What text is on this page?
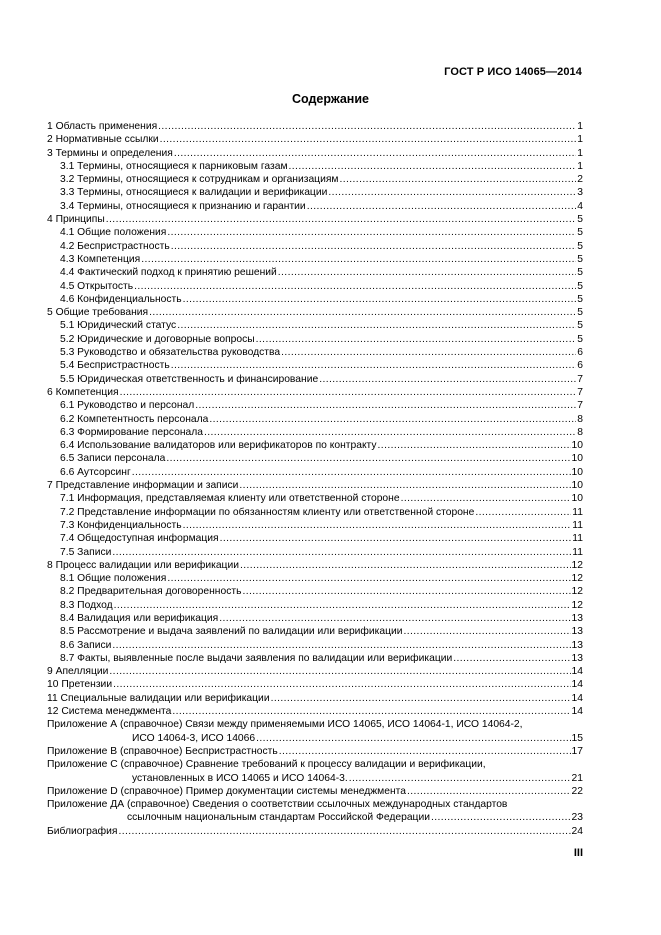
ГОСТ Р ИСО 14065—2014
Содержание
1 Область применения .....	1
2 Нормативные ссылки .....	1
3 Термины и определения .....	1
3.1 Термины, относящиеся к парниковым газам .....	1
3.2 Термины, относящиеся к сотрудникам и организациям .....	2
3.3 Термины, относящиеся к валидации и верификации .....	3
3.4 Термины, относящиеся к признанию и гарантии .....	4
4 Принципы .....	5
4.1 Общие положения .....	5
4.2 Беспристрастность .....	5
4.3 Компетенция .....	5
4.4 Фактический подход к принятию решений .....	5
4.5 Открытость .....	5
4.6 Конфиденциальность .....	5
5 Общие требования .....	5
5.1 Юридический статус .....	5
5.2 Юридические и договорные вопросы .....	5
5.3 Руководство и обязательства руководства .....	6
5.4 Беспристрастность .....	6
5.5 Юридическая ответственность и финансирование .....	7
6 Компетенция .....	7
6.1 Руководство и персонал .....	7
6.2 Компетентность персонала .....	8
6.3 Формирование персонала .....	8
6.4 Использование валидаторов или верификаторов по контракту .....	10
6.5 Записи персонала .....	10
6.6 Аутсорсинг .....	10
7 Представление информации и записи .....	10
7.1 Информация, представляемая клиенту или ответственной стороне .....	10
7.2 Представление информации по обязанностям клиенту или ответственной стороне .....	11
7.3 Конфиденциальность .....	11
7.4 Общедоступная информация .....	11
7.5 Записи .....	11
8 Процесс валидации или верификации .....	12
8.1 Общие положения .....	12
8.2 Предварительная договоренность .....	12
8.3 Подход .....	12
8.4 Валидация или верификация .....	13
8.5 Рассмотрение и выдача заявлений по валидации или верификации .....	13
8.6 Записи .....	13
8.7 Факты, выявленные после выдачи заявления по валидации или верификации .....	13
9 Апелляции .....	14
10 Претензии .....	14
11 Специальные валидации или верификации .....	14
12 Система менеджмента .....	14
Приложение А (справочное) Связи между применяемыми ИСО 14065, ИСО 14064-1, ИСО 14064-2,
ИСО 14064-3, ИСО 14066 .....	15
Приложение В (справочное) Беспристрастность .....	17
Приложение С (справочное) Сравнение требований к процессу валидации и верификации,
установленных в ИСО 14065 и ИСО 14064-3. .....	21
Приложение D (справочное) Пример документации системы менеджмента .....	22
Приложение ДА (справочное) Сведения о соответствии ссылочных международных стандартов
ссылочным национальным стандартам Российской Федерации .....	23
Библиография .....	24
III
